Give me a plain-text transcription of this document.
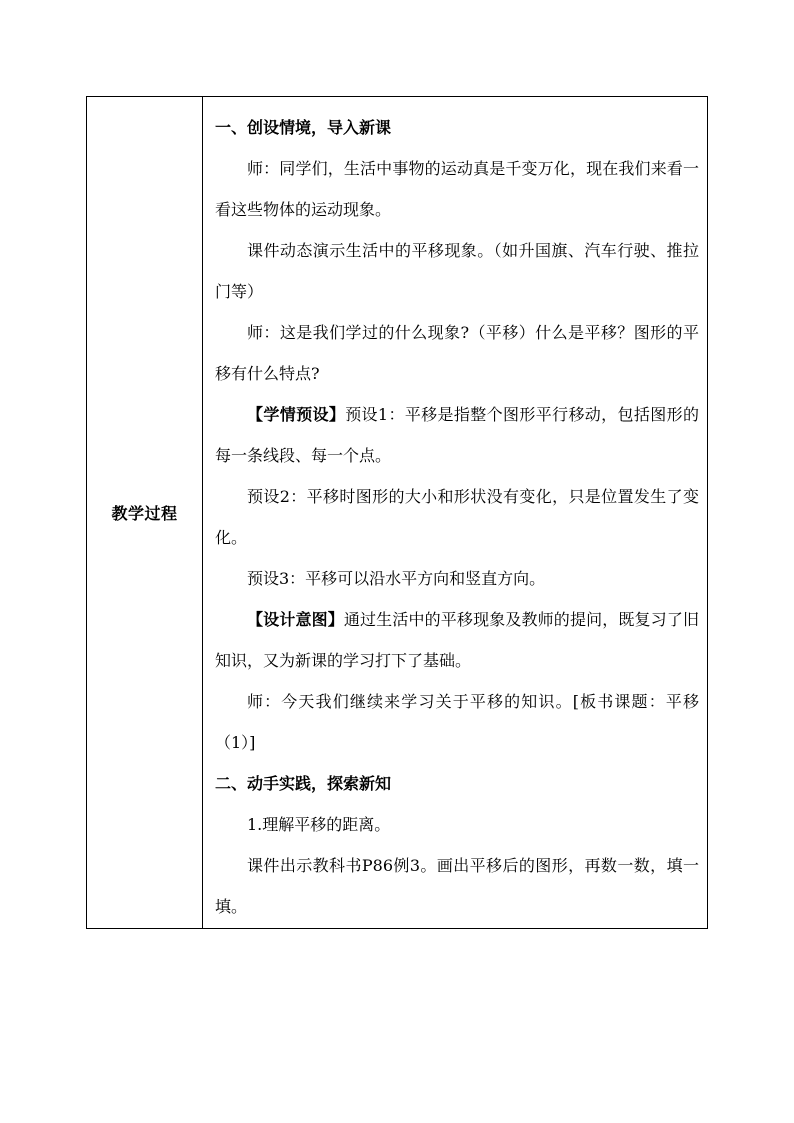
教学过程

一、创设情境，导入新课

师：同学们，生活中事物的运动真是千变万化，现在我们来看一看这些物体的运动现象。

课件动态演示生活中的平移现象。（如升国旗、汽车行驶、推拉门等）

师：这是我们学过的什么现象?（平移）什么是平移？图形的平移有什么特点?

【学情预设】预设1：平移是指整个图形平行移动，包括图形的每一条线段、每一个点。

预设2：平移时图形的大小和形状没有变化，只是位置发生了变化。

预设3：平移可以沿水平方向和竖直方向。

【设计意图】通过生活中的平移现象及教师的提问，既复习了旧知识，又为新课的学习打下了基础。

师：今天我们继续来学习关于平移的知识。[板书课题：平移（1）]

二、动手实践，探索新知

1.理解平移的距离。

课件出示教科书P86例3。画出平移后的图形，再数一数，填一填。
